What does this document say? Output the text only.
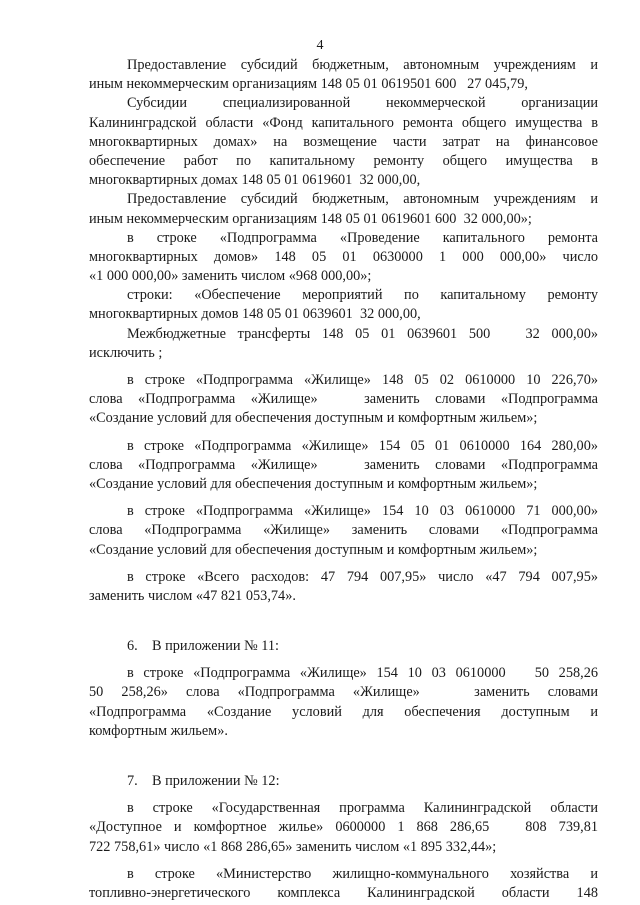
4
Предоставление субсидий бюджетным, автономным учреждениям и
иным некоммерческим организациям 148 05 01 0619501 600   27 045,79,
Субсидии   специализированной   некоммерческой   организации
Калининградской области «Фонд капитального ремонта общего имущества в
многоквартирных домах» на возмещение части затрат на финансовое
обеспечение работ по капитальному ремонту общего имущества в
многоквартирных домах 148 05 01 0619601  32 000,00,
Предоставление субсидий бюджетным, автономным учреждениям и
иным некоммерческим организациям 148 05 01 0619601 600  32 000,00»;
в строке «Подпрограмма «Проведение капитального ремонта
многоквартирных домов» 148 05 01 0630000 1 000 000,00» число
«1 000 000,00» заменить числом «968 000,00»;
строки: «Обеспечение мероприятий по капитальному ремонту
многоквартирных домов 148 05 01 0639601  32 000,00,
Межбюджетные трансферты 148 05 01 0639601 500   32 000,00»
исключить ;
в строке «Подпрограмма «Жилище» 148 05 02 0610000 10 226,70»
слова «Подпрограмма «Жилище»   заменить словами «Подпрограмма
«Создание условий для обеспечения доступным и комфортным жильем»;
в строке «Подпрограмма «Жилище» 154 05 01 0610000 164 280,00»
слова «Подпрограмма «Жилище»   заменить словами «Подпрограмма
«Создание условий для обеспечения доступным и комфортным жильем»;
в строке «Подпрограмма «Жилище» 154 10 03 0610000 71 000,00»
слова «Подпрограмма «Жилище» заменить словами «Подпрограмма
«Создание условий для обеспечения доступным и комфортным жильем»;
в строке «Всего расходов: 47 794 007,95» число «47 794 007,95»
заменить числом «47 821 053,74».
6.    В приложении № 11:
в строке «Подпрограмма «Жилище» 154 10 03 0610000   50 258,26
50 258,26» слова «Подпрограмма «Жилище»   заменить словами
«Подпрограмма «Создание условий для обеспечения доступным и
комфортным жильем».
7.    В приложении № 12:
в строке «Государственная программа Калининградской области
«Доступное и комфортное жилье» 0600000 1 868 286,65   808 739,81
722 758,61» число «1 868 286,65» заменить числом «1 895 332,44»;
в строке «Министерство жилищно-коммунального хозяйства и
топливно-энергетического комплекса Калининградской области 148
